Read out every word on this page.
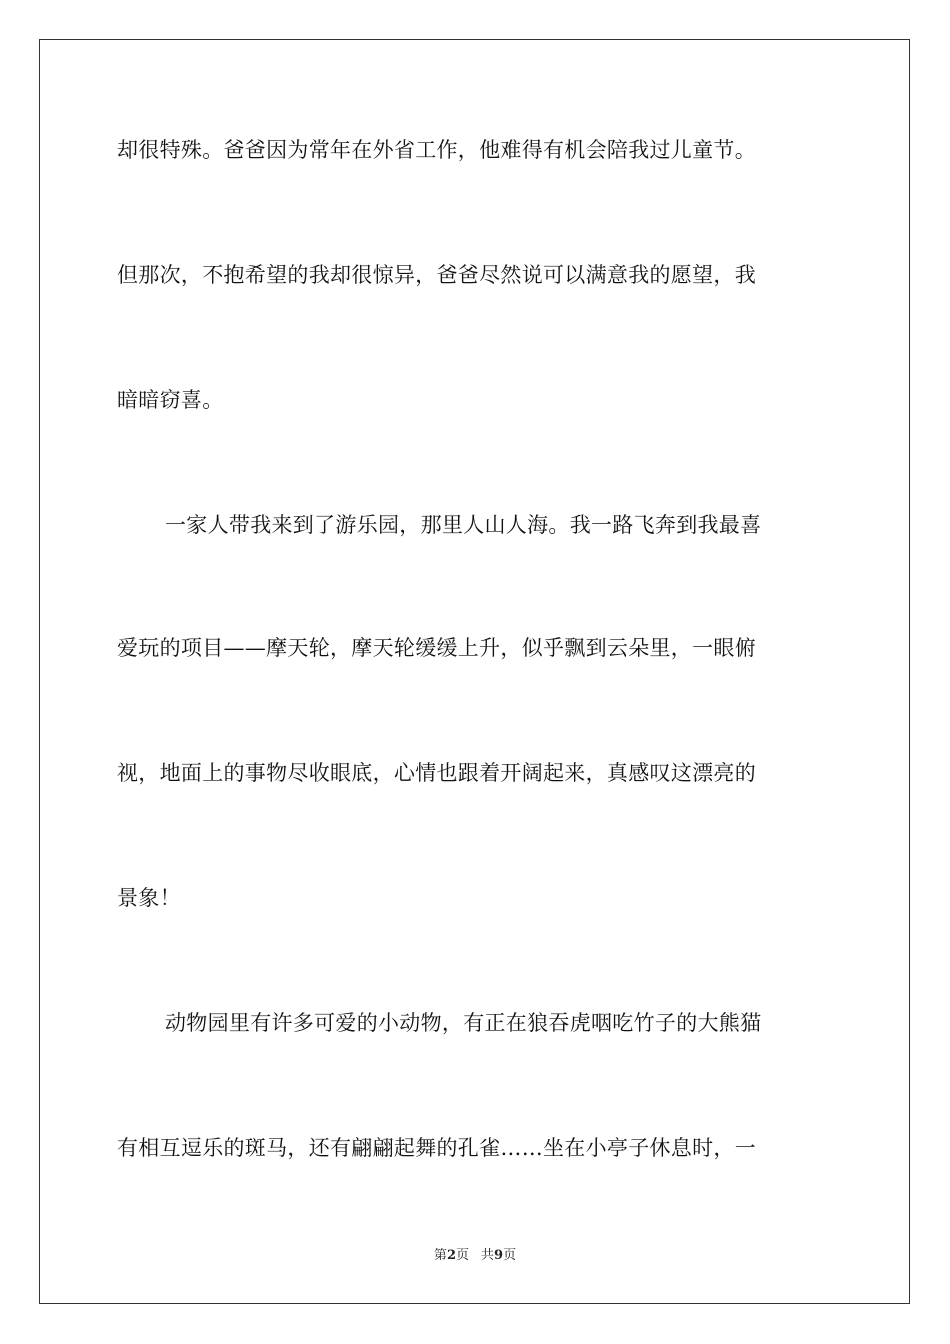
却很特殊。爸爸因为常年在外省工作，他难得有机会陪我过儿童节。
但那次，不抱希望的我却很惊异，爸爸尽然说可以满意我的愿望，我
暗暗窃喜。
一家人带我来到了游乐园，那里人山人海。我一路飞奔到我最喜
爱玩的项目——摩天轮，摩天轮缓缓上升，似乎飘到云朵里，一眼俯
视，地面上的事物尽收眼底，心情也跟着开阔起来，真感叹这漂亮的
景象！
动物园里有许多可爱的小动物，有正在狼吞虎咽吃竹子的大熊猫
有相互逗乐的斑马，还有翩翩起舞的孔雀……坐在小亭子休息时，一
第2页 共9页
